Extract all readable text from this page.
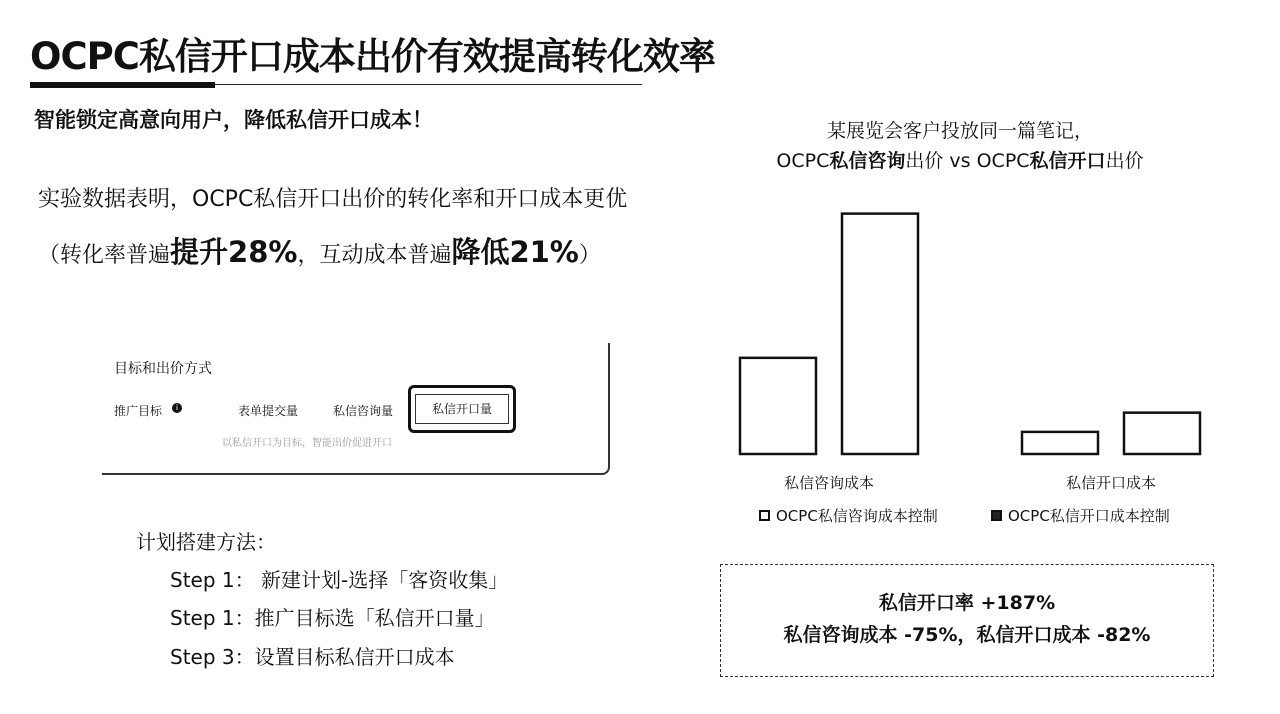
OCPC私信开口成本出价有效提高转化效率
智能锁定高意向用户，降低私信开口成本！
实验数据表明，OCPC私信开口出价的转化率和开口成本更优
（转化率普遍提升28%，互动成本普遍降低21%）
目标和出价方式
推广目标	i	表单提交量	私信咨询量	私信开口量
以私信开口为目标，智能出价促进开口
计划搭建方法：
Step 1： 新建计划-选择「客资收集」
Step 1：推广目标选「私信开口量」
Step 3：设置目标私信开口成本
某展览会客户投放同一篇笔记，
OCPC私信咨询出价 vs OCPC私信开口出价
私信咨询成本	私信开口成本
OCPC私信咨询成本控制	OCPC私信开口成本控制
私信开口率 +187%
私信咨询成本 -75%，私信开口成本 -82%
